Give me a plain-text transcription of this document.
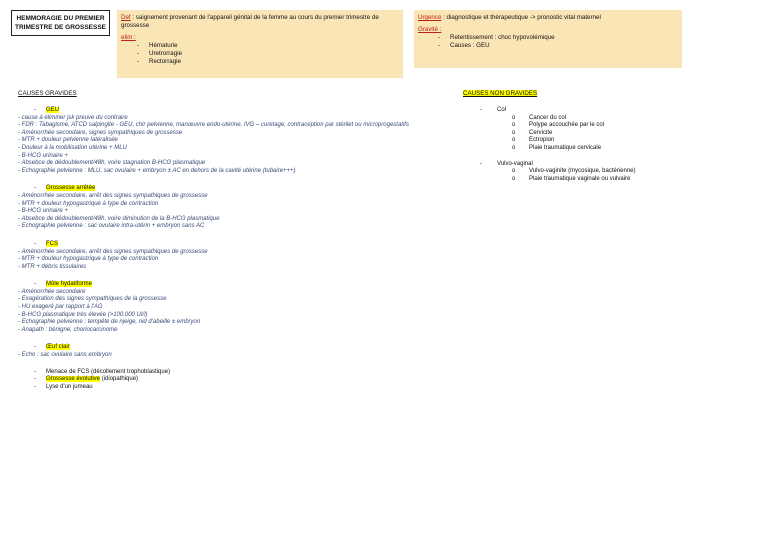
HEMMORAGIE DU PREMIER TRIMESTRE DE GROSSESSE
Def : saignement provenant de l'appareil génital de la femme au cours du premier trimestre de grossesse
elim :
- Hématurie
- Uretrorragie
- Rectorragie
Urgence : diagnostique et thérapeutique -> pronostic vital maternel
Gravité :
- Retentissement : choc hypovolémique
- Causes : GEU
CAUSES GRAVIDES
- GEU
- cause à éliminer jsk preuve du contraire
- FDR : Tabagisme, ATCD salpingite - GEU, chir pelvienne, manœuvre endo-utérine, IVG – curetage, contraception par stérilet ou microprogestatifs
- Aménorrhée secondaire, signes sympathiques de grossesse
- MTR + douleur pelvienne latéralisée
- Douleur à la mobilisation utérine + MLU
- B-HCG urinaire +
- Absebce de dédoublement/48h, voire stagnation B-HCG plasmatique
- Echographie pelvienne : MLU, sac ovulaire + embryon ± AC en dehors de la cavité utérine (tubaire+++)
- Grossesse arrêtée
- Aménorrhée secondaire, arrêt des signes sympathiques de grossesse
- MTR + douleur hypogastrique à type de contraction
- B-HCG urinaire +
- Absebce de dédoublement/48h, voire diminution de la B-HCG plasmatique
- Echographie pelvienne : sac ovulaire intra-utérin + embryon sans AC
- FCS
- Aménorrhée secondaire, arrêt des signes sympathiques de grossesse
- MTR + douleur hypogastrique à type de contraction
- MTR + débris tissulaires
- Môle hydatiforme
- Aménorrhée secondaire
- Exagération des signes sympathiques de la grossesse
- HU exageré par rapport à l'AG
- B-HCG plasmatique très élevée (>100.000 UI/l)
- Echographie pelvienne : tempête de njeige, nid d'abeille ± embryon
- Anapath : bénigne, choriocarcinome
- Œuf clair
- Echo : sac ovulaire sans embryon
- Menace de FCS (décollement trophoblastique)
- Grossesse évolutive (idiopathique)
- Lyse d'un jumeau
CAUSES NON GRAVIDES
-	Col
o Cancer du col
o Polype accouchée par le col
o Cervicite
o Ectropion
o Plaie traumatique cervicale
-	Vulvo-vaginal
o Vulvo-vaginite (mycosique, bactérienne)
o Plaie traumatique vaginale ou vulvaire
